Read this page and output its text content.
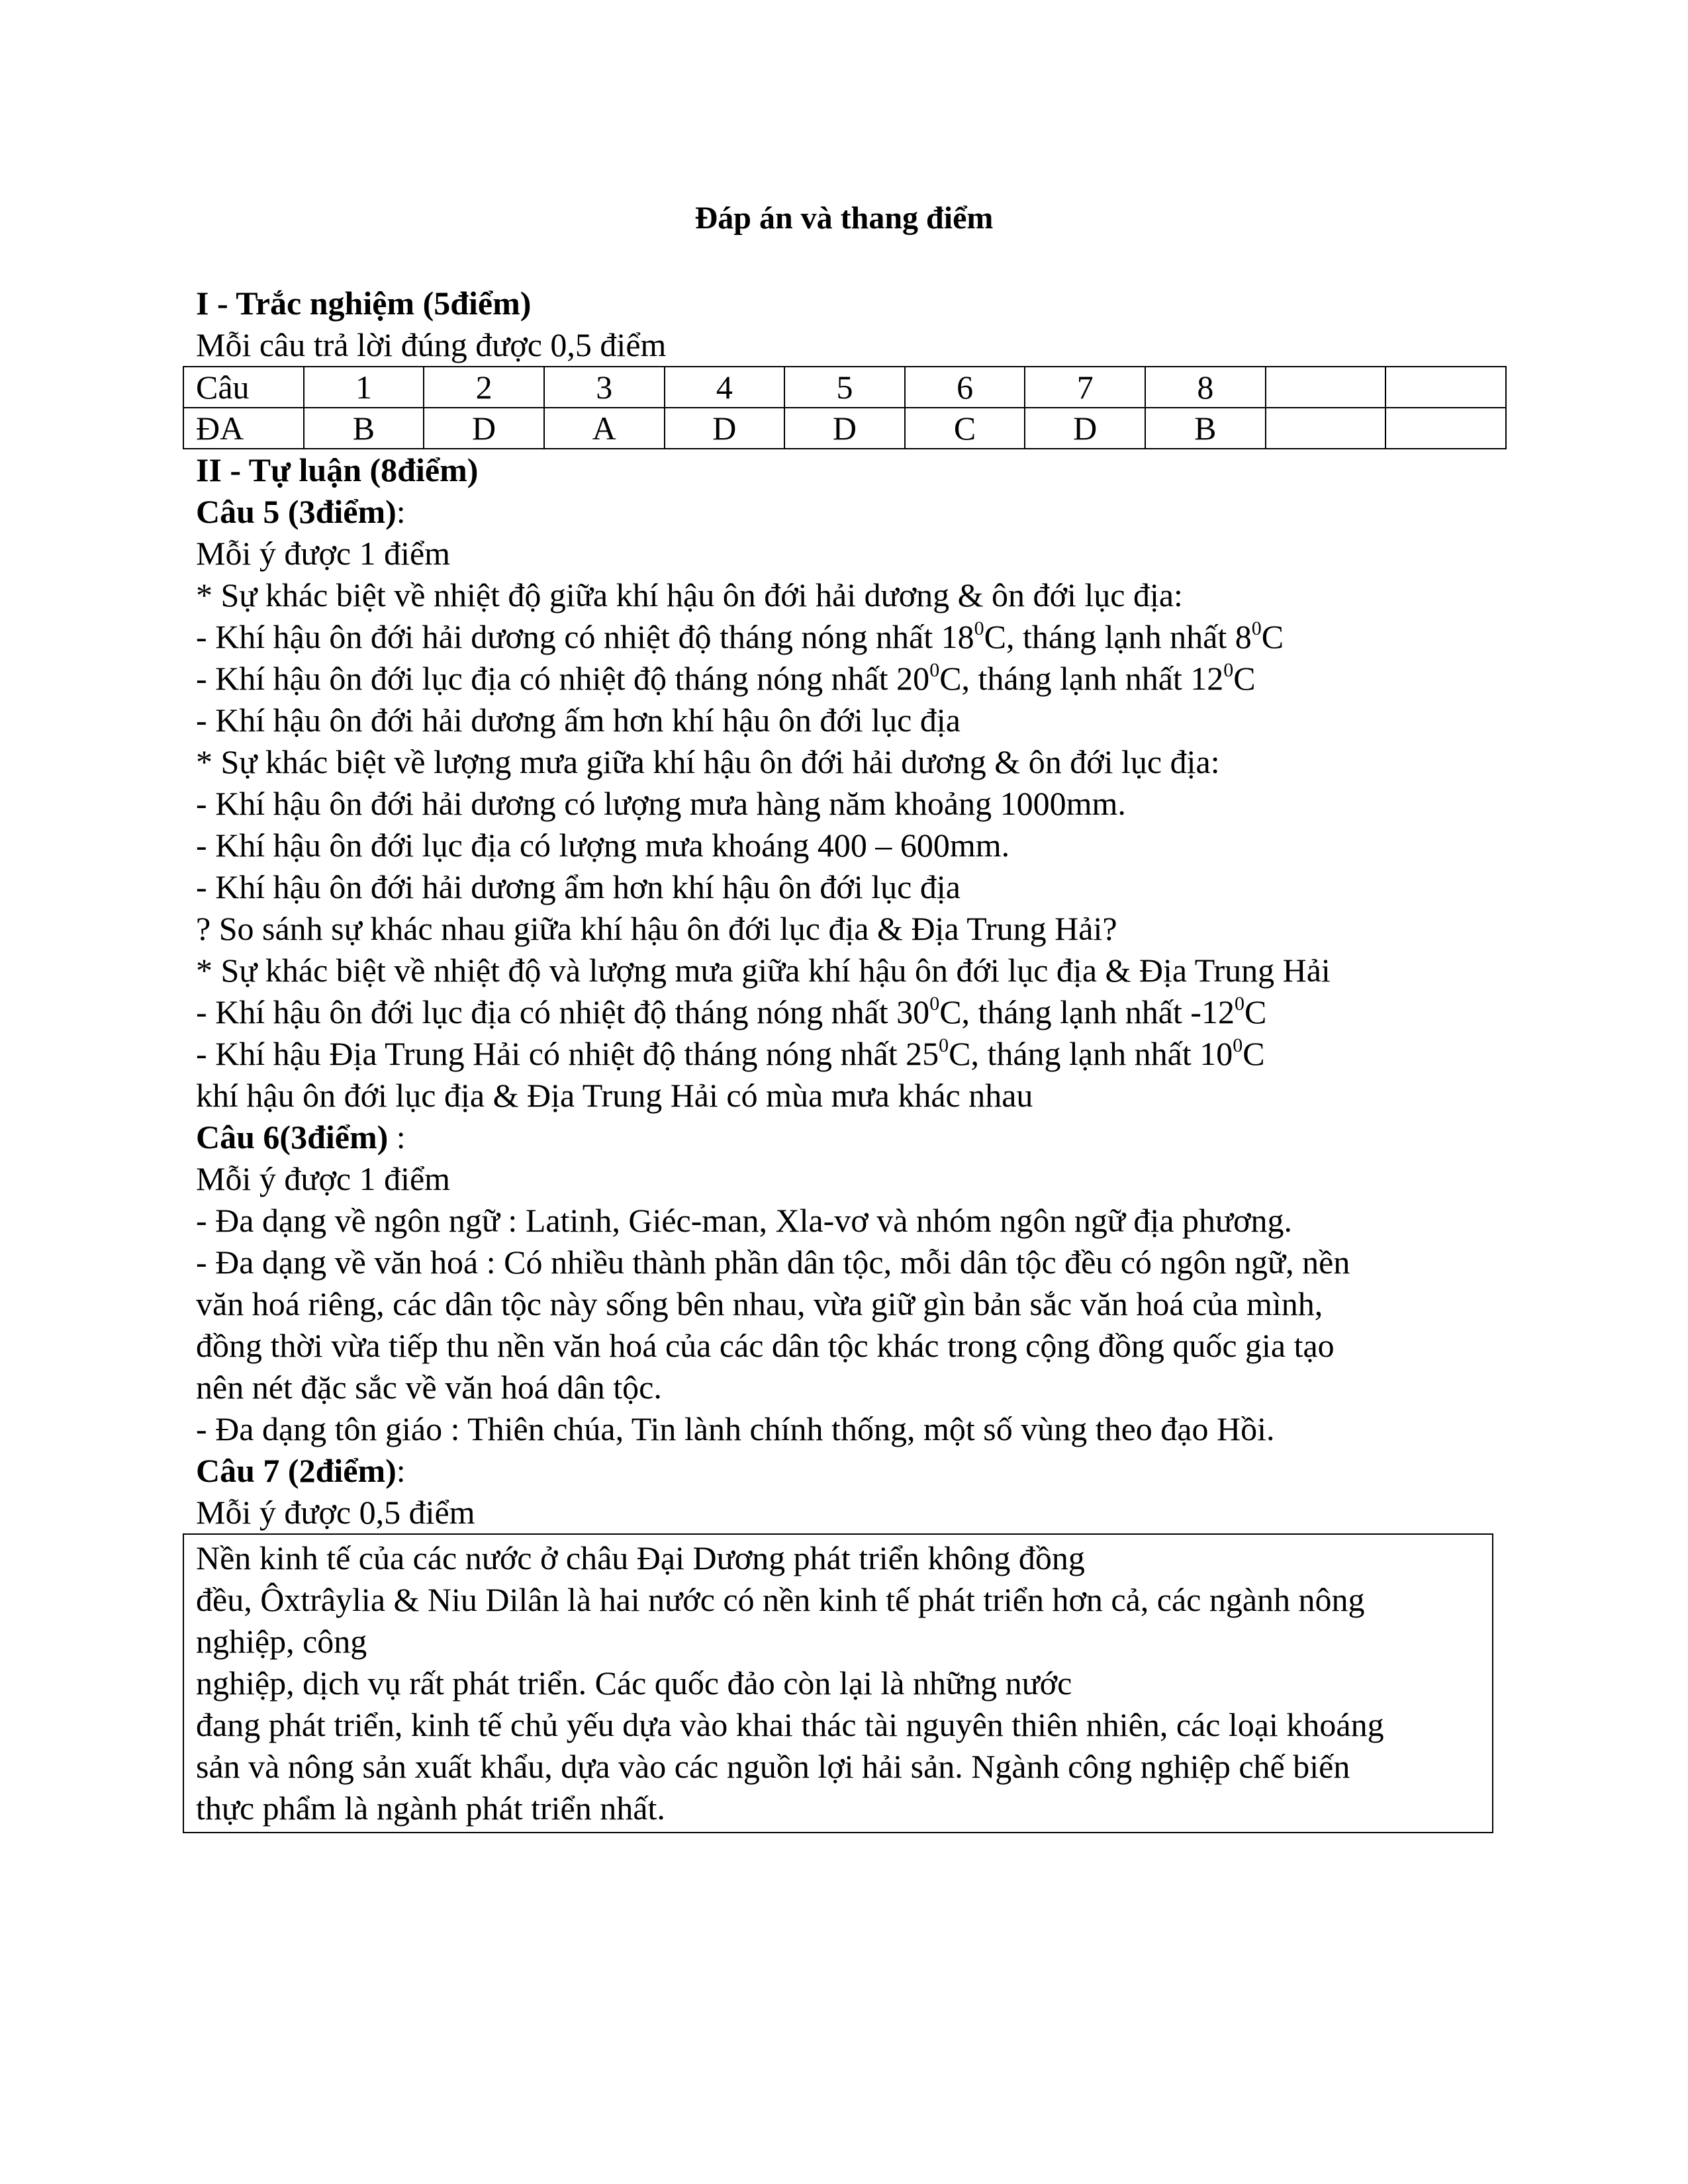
Đáp án và thang điểm
I - Trắc nghiệm (5điểm)
Mỗi câu trả lời đúng được 0,5 điểm
Câu	1	2	3	4	5	6	7	8		
ĐA	B	D	A	D	D	C	D	B		
II - Tự luận (8điểm)
Câu 5 (3điểm):
Mỗi ý được 1 điểm
* Sự khác biệt về nhiệt độ giữa khí hậu ôn đới hải dương & ôn đới lục địa:
- Khí hậu ôn đới hải dương có nhiệt độ tháng nóng nhất $18^0C$, tháng lạnh nhất $8^0C$
- Khí hậu ôn đới lục địa có nhiệt độ tháng nóng nhất $20^0C$, tháng lạnh nhất $12^0C$
- Khí hậu ôn đới hải dương ấm hơn khí hậu ôn đới lục địa
* Sự khác biệt về lượng mưa giữa khí hậu ôn đới hải dương & ôn đới lục địa:
- Khí hậu ôn đới hải dương có lượng mưa hàng năm khoảng 1000mm.
- Khí hậu ôn đới lục địa có lượng mưa khoáng 400 – 600mm.
- Khí hậu ôn đới hải dương ẩm hơn khí hậu ôn đới lục địa
? So sánh sự khác nhau giữa khí hậu ôn đới lục địa & Địa Trung Hải?
* Sự khác biệt về nhiệt độ và lượng mưa giữa khí hậu ôn đới lục địa & Địa Trung Hải
- Khí hậu ôn đới lục địa có nhiệt độ tháng nóng nhất $30^0C$, tháng lạnh nhất $-12^0C$
- Khí hậu Địa Trung Hải có nhiệt độ tháng nóng nhất $25^0C$, tháng lạnh nhất $10^0C$
khí hậu ôn đới lục địa & Địa Trung Hải có mùa mưa khác nhau
Câu 6(3điểm) :
Mỗi ý được 1 điểm
- Đa dạng về ngôn ngữ : Latinh, Giéc-man, Xla-vơ và nhóm ngôn ngữ địa phương.
- Đa dạng về văn hoá : Có nhiều thành phần dân tộc, mỗi dân tộc đều có ngôn ngữ, nền
văn hoá riêng, các dân tộc này sống bên nhau, vừa giữ gìn bản sắc văn hoá của mình,
đồng thời vừa tiếp thu nền văn hoá của các dân tộc khác trong cộng đồng quốc gia tạo
nên nét đặc sắc về văn hoá dân tộc.
- Đa dạng tôn giáo : Thiên chúa, Tin lành chính thống, một số vùng theo đạo Hồi.
Câu 7 (2điểm):
Mỗi ý được 0,5 điểm
Nền kinh tế của các nước ở châu Đại Dương phát triển không đồng
đều, Ôxtrâylia & Niu Dilân là hai nước có nền kinh tế phát triển hơn cả, các ngành nông
nghiệp, công
nghiệp, dịch vụ rất phát triển. Các quốc đảo còn lại là những nước
đang phát triển, kinh tế chủ yếu dựa vào khai thác tài nguyên thiên nhiên, các loại khoáng
sản và nông sản xuất khẩu, dựa vào các nguồn lợi hải sản. Ngành công nghiệp chế biến
thực phẩm là ngành phát triển nhất.
